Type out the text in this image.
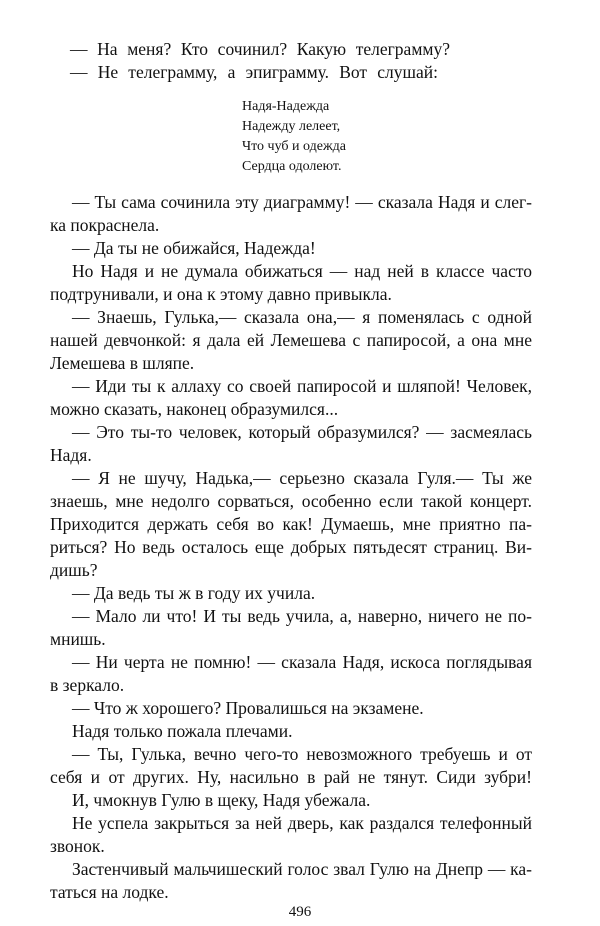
— На меня? Кто сочинил? Какую телеграмму?

— Не телеграмму, а эпиграмму. Вот слушай:

Надя-Надежда

Надежду лелеет,

Что чуб и одежда

Сердца одолеют.

— Ты сама сочинила эту диаграмму! — сказала Надя и слег-

ка покраснела.

— Да ты не обижайся, Надежда!

Но Надя и не думала обижаться — над ней в классе часто

подтрунивали, и она к этому давно привыкла.

— Знаешь, Гулька,— сказала она,— я поменялась с одной

нашей девчонкой: я дала ей Лемешева с папиросой, а она мне

Лемешева в шляпе.

— Иди ты к аллаху со своей папиросой и шляпой! Человек,

можно сказать, наконец образумился...

— Это ты-то человек, который образумился? — засмеялась

Надя.

— Я не шучу, Надька,— серьезно сказала Гуля.— Ты же

знаешь, мне недолго сорваться, особенно если такой концерт.

Приходится держать себя во как! Думаешь, мне приятно па-

риться? Но ведь осталось еще добрых пятьдесят страниц. Ви-

дишь?

— Да ведь ты ж в году их учила.

— Мало ли что! И ты ведь учила, а, наверно, ничего не по-

мнишь.

— Ни черта не помню! — сказала Надя, искоса поглядывая

в зеркало.

— Что ж хорошего? Провалишься на экзамене.

Надя только пожала плечами.

— Ты, Гулька, вечно чего-то невозможного требуешь и от

себя и от других. Ну, насильно в рай не тянут. Сиди зубри!

И, чмокнув Гулю в щеку, Надя убежала.

Не успела закрыться за ней дверь, как раздался телефонный

звонок.

Застенчивый мальчишеский голос звал Гулю на Днепр — ка-

таться на лодке.

496
